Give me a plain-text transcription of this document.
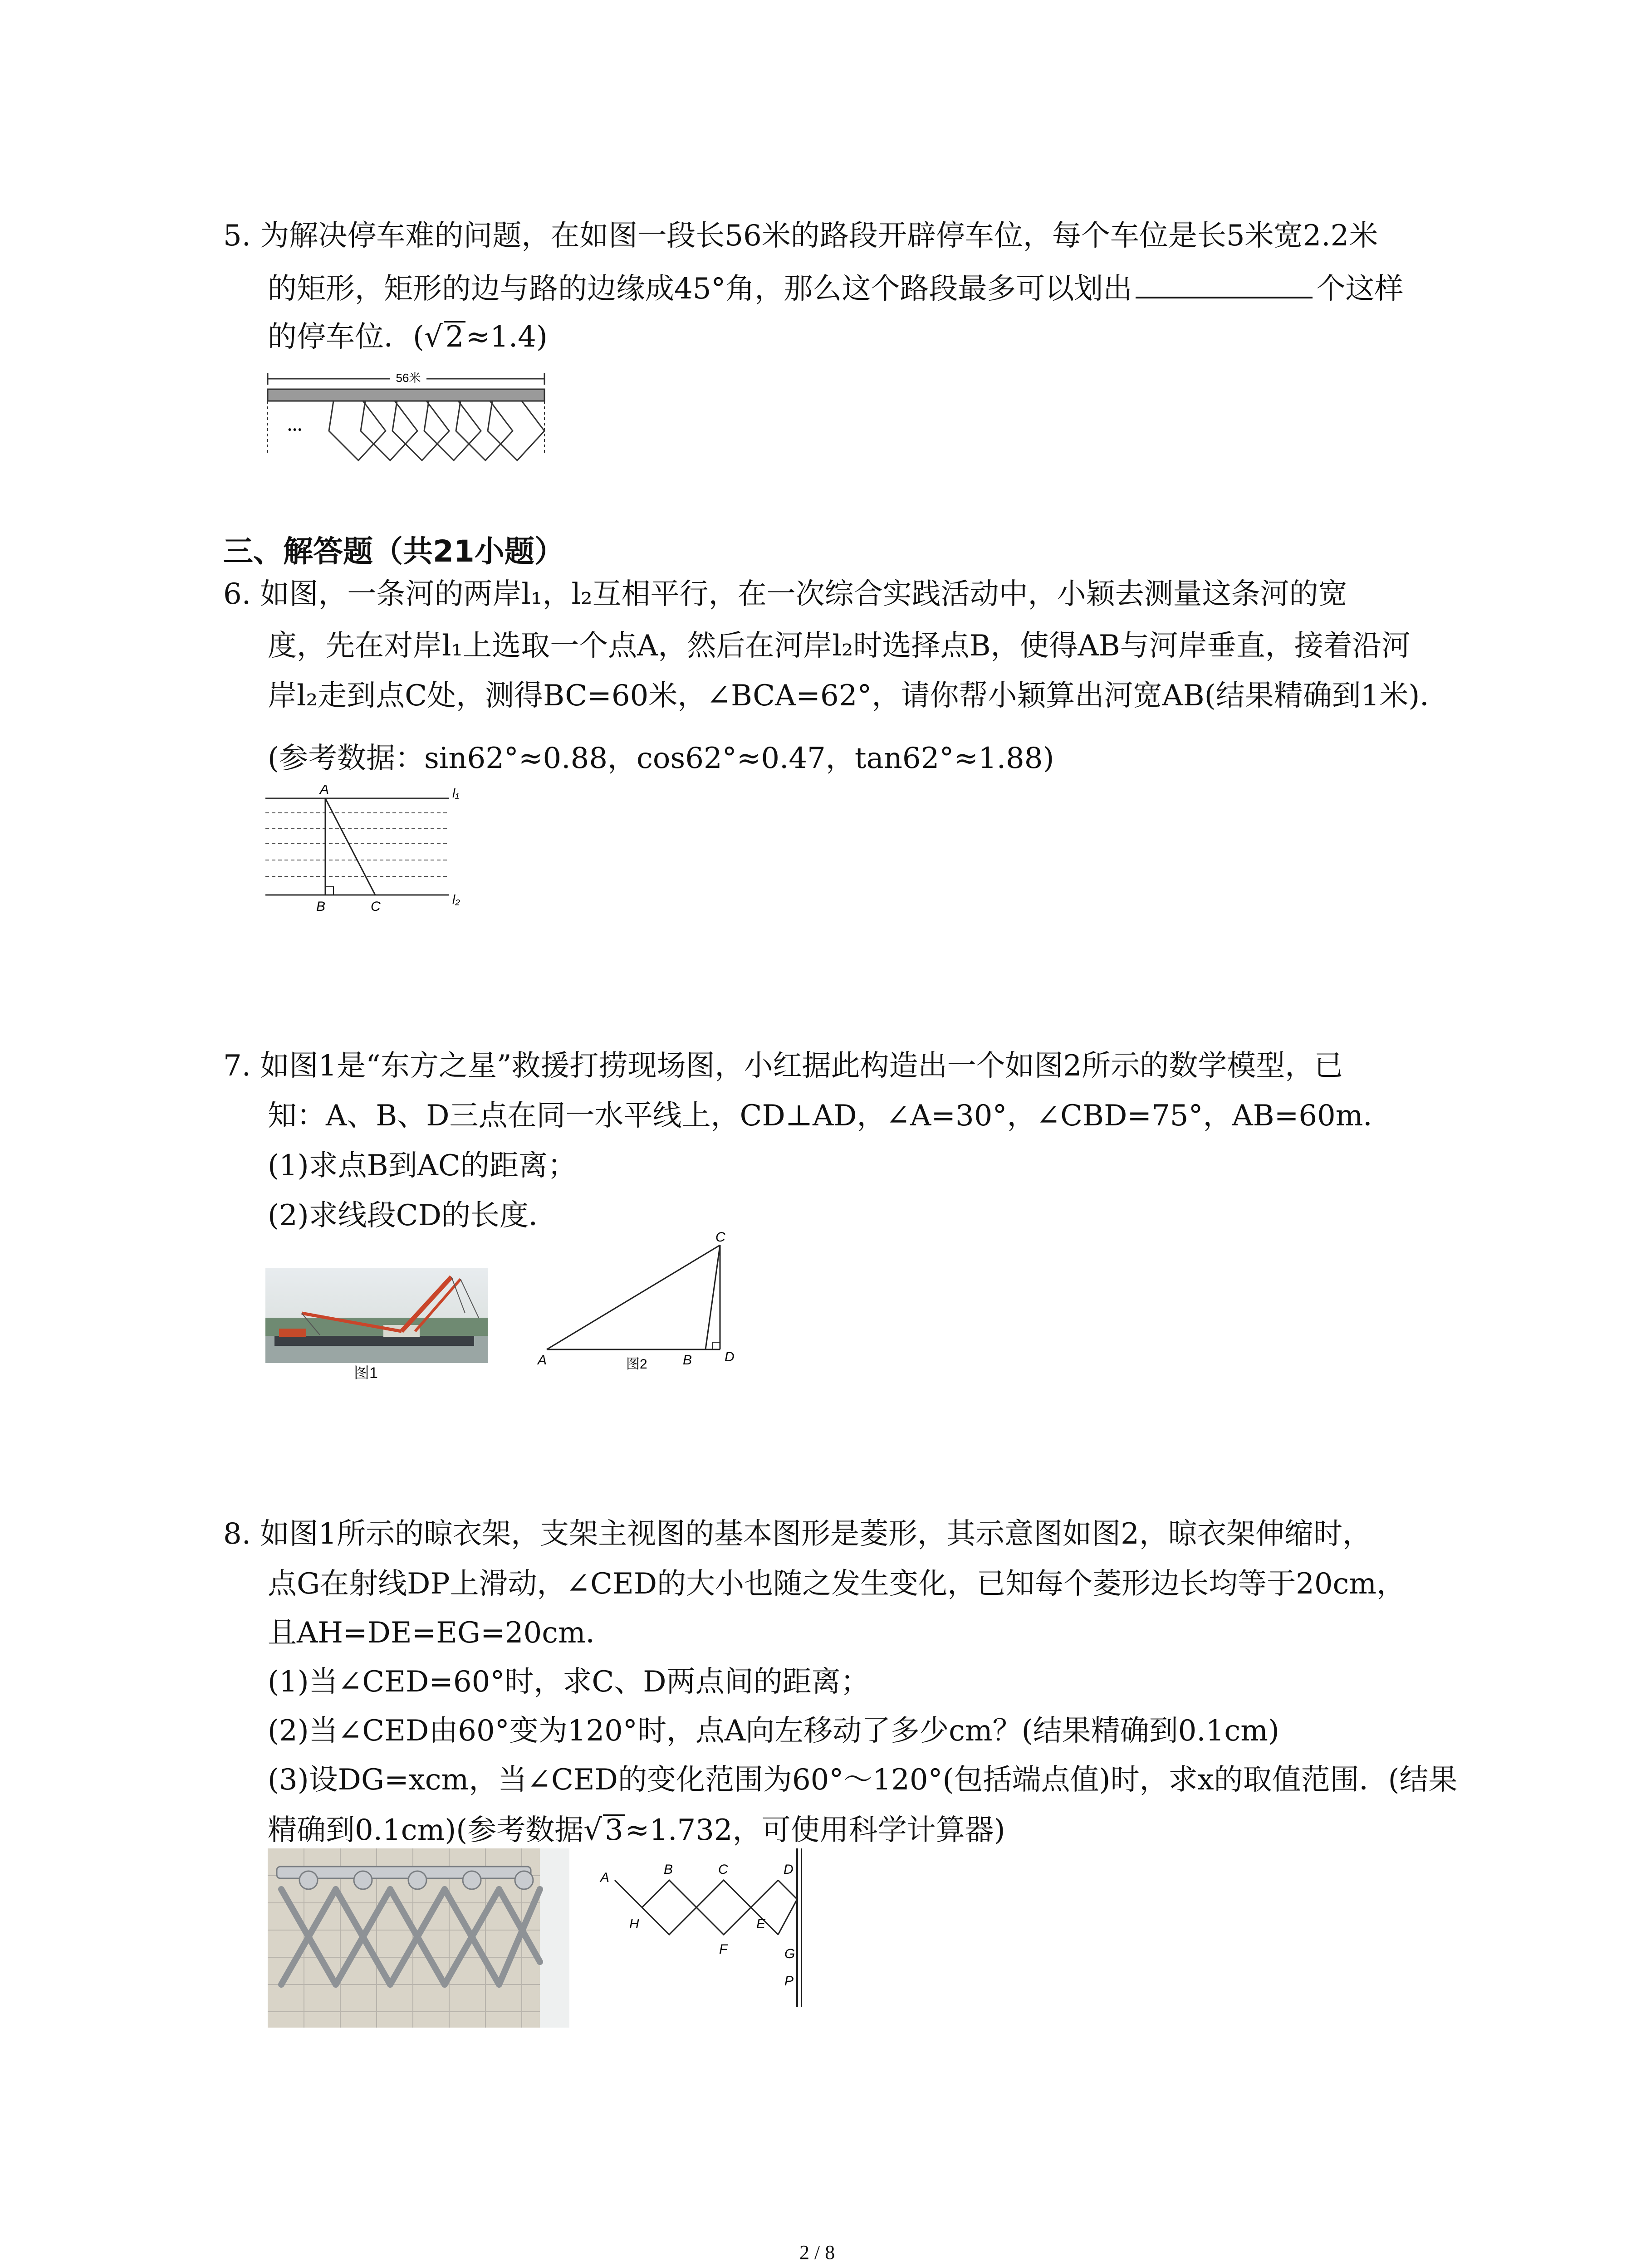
5. 为解决停车难的问题，在如图一段长56米的路段开辟停车位，每个车位是长5米宽2.2米
的矩形，矩形的边与路的边缘成45°角，那么这个路段最多可以划出	个这样
的停车位．(√2≈1.4)
56米
···
三、解答题（共21小题）
6. 如图，一条河的两岸l₁，l₂互相平行，在一次综合实践活动中，小颖去测量这条河的宽
度，先在对岸l₁上选取一个点A，然后在河岸l₂时选择点B，使得AB与河岸垂直，接着沿河
岸l₂走到点C处，测得BC=60米，∠BCA=62°，请你帮小颖算出河宽AB(结果精确到1米)．
(参考数据：sin62°≈0.88，cos62°≈0.47，tan62°≈1.88)
A
B	C
l₁
l₂
7. 如图1是“东方之星”救援打捞现场图，小红据此构造出一个如图2所示的数学模型，已
知：A、B、D三点在同一水平线上，CD⊥AD，∠A=30°，∠CBD=75°，AB=60m．
(1)求点B到AC的距离；
(2)求线段CD的长度．
图1
C
A	B D
图2
8. 如图1所示的晾衣架，支架主视图的基本图形是菱形，其示意图如图2，晾衣架伸缩时，
点G在射线DP上滑动，∠CED的大小也随之发生变化，已知每个菱形边长均等于20cm，
且AH=DE=EG=20cm．
(1)当∠CED=60°时，求C、D两点间的距离；
(2)当∠CED由60°变为120°时，点A向左移动了多少cm？(结果精确到0.1cm)
(3)设DG=xcm，当∠CED的变化范围为60°～120°(包括端点值)时，求x的取值范围．(结果
精确到0.1cm)(参考数据√3≈1.732，可使用科学计算器)
A
B	C	D
H	E
F	G
P
2 / 8
